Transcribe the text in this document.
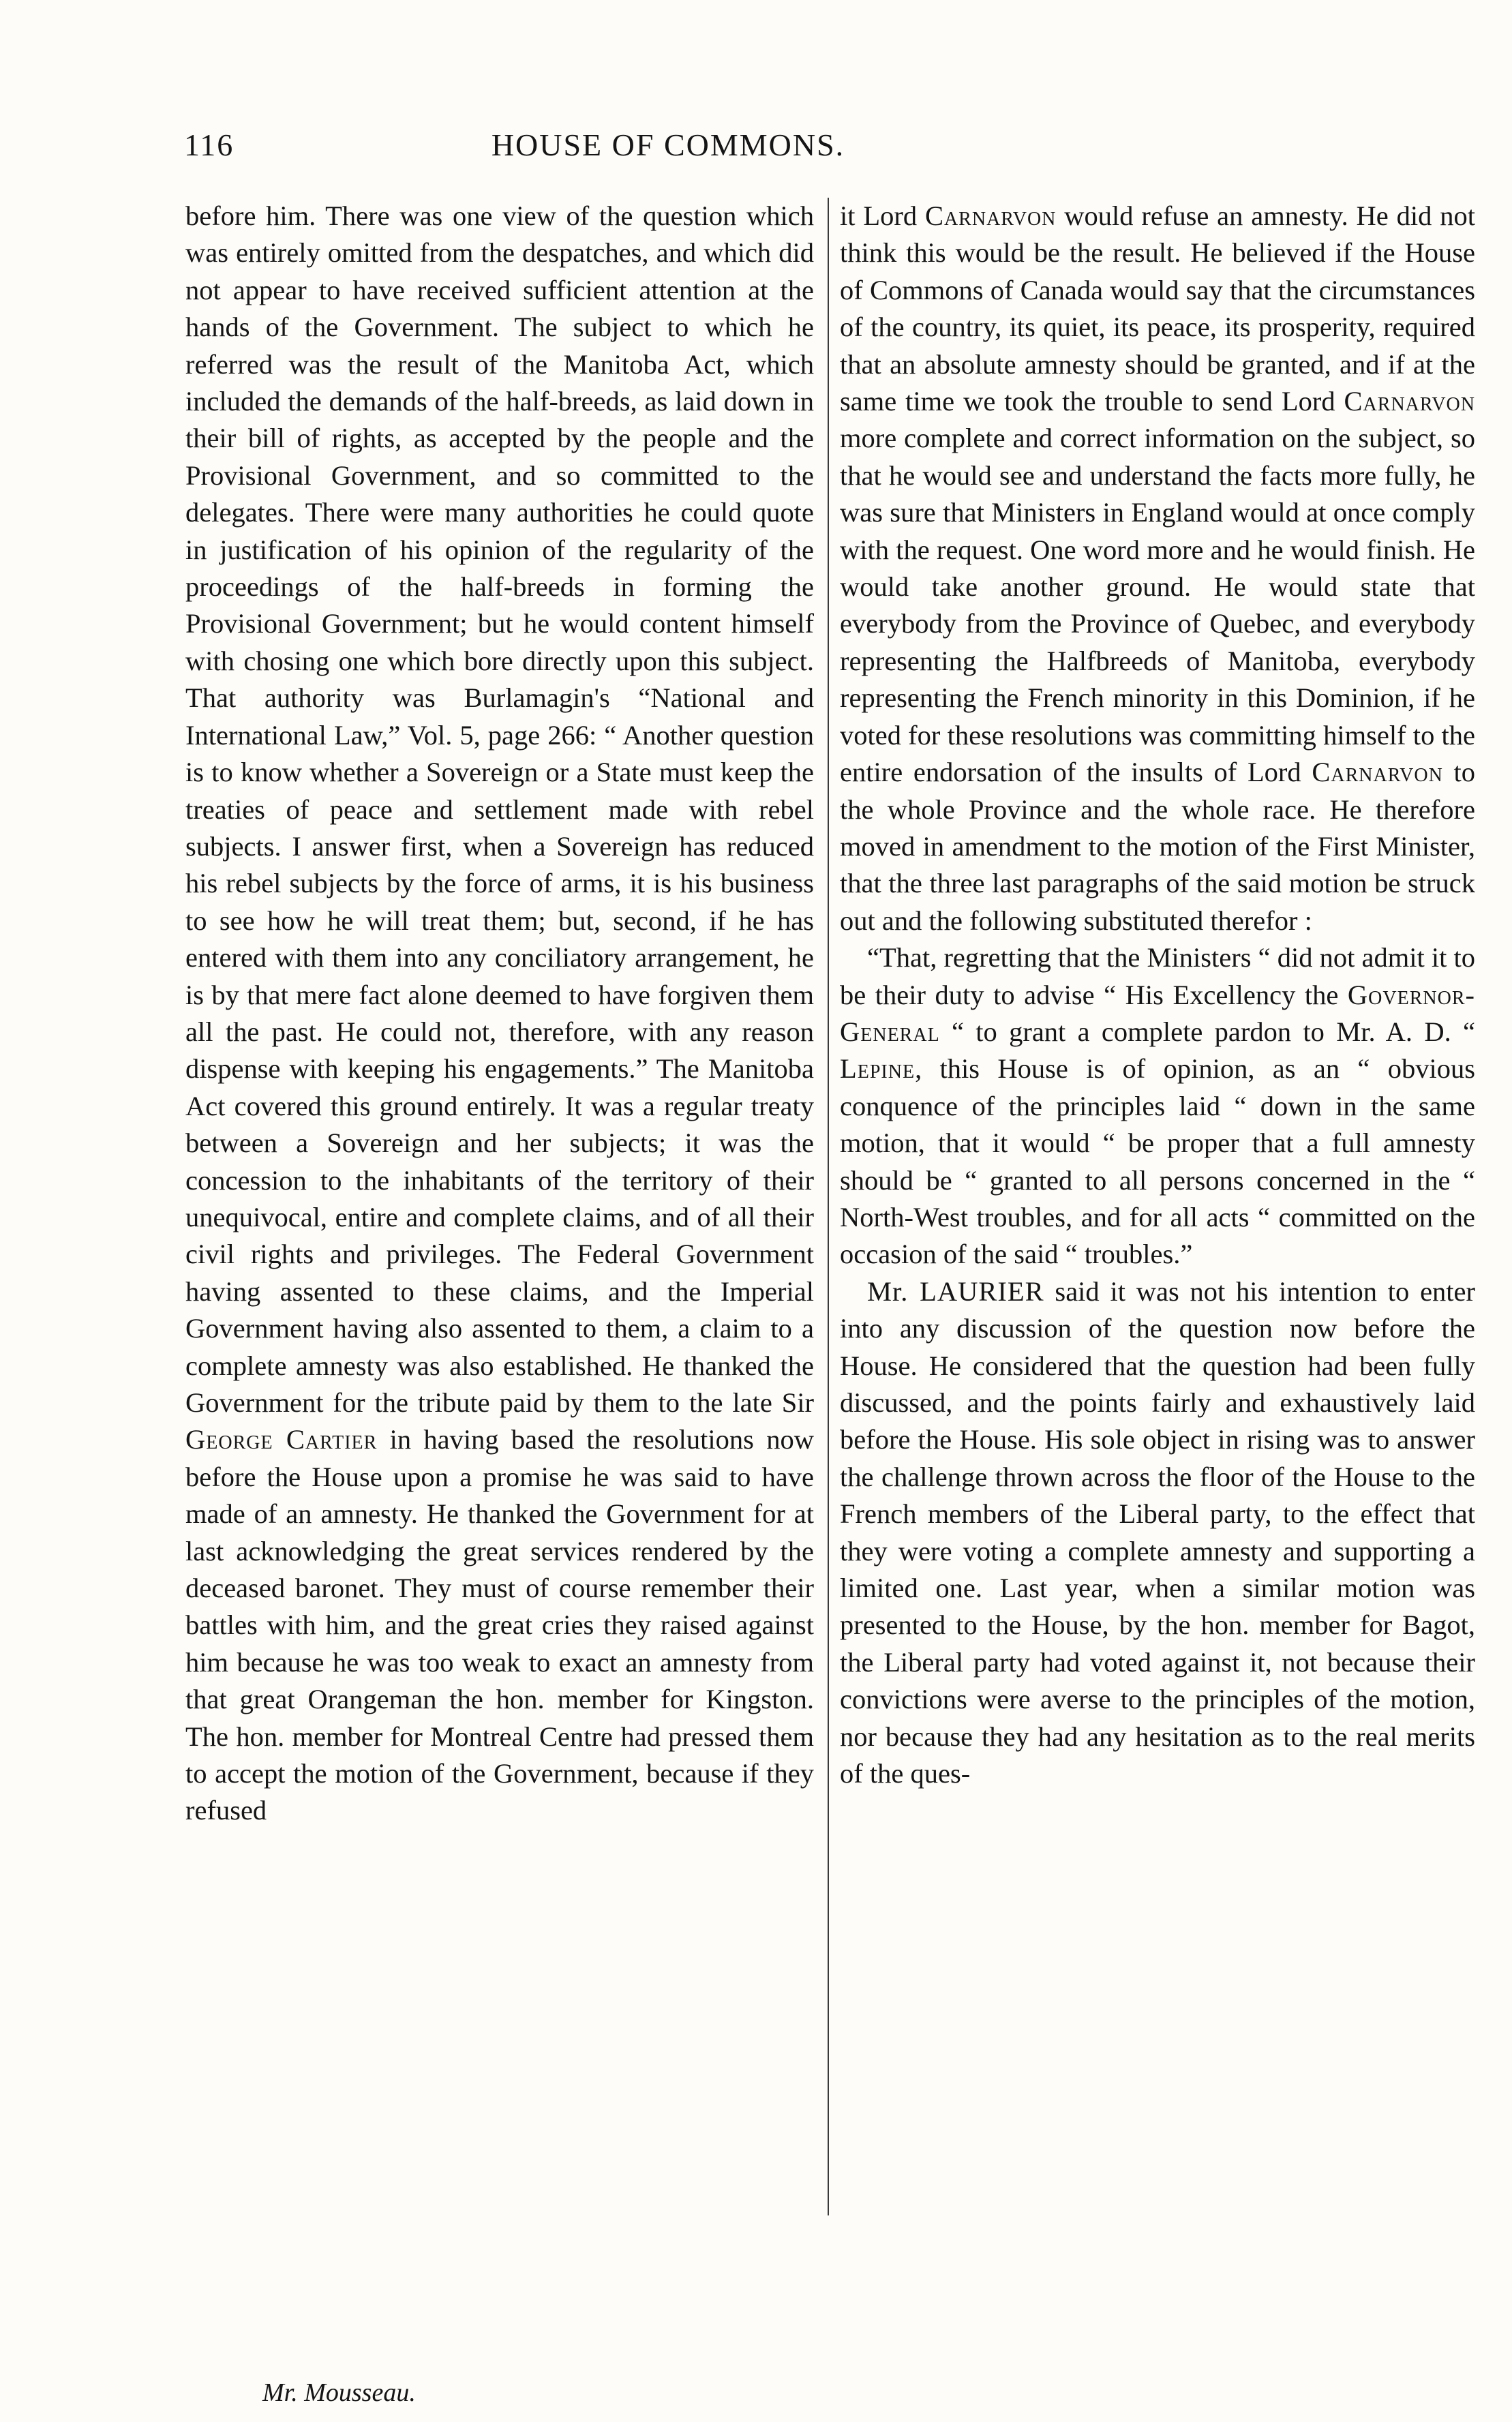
116	HOUSE OF COMMONS.

before him. There was one view of the question which was entirely omitted from the despatches, and which did not appear to have received sufficient attention at the hands of the Government. The subject to which he referred was the result of the Manitoba Act, which included the demands of the half-breeds, as laid down in their bill of rights, as accepted by the people and the Provisional Government, and so committed to the delegates. There were many authorities he could quote in justification of his opinion of the regularity of the proceedings of the half-breeds in forming the Provisional Government; but he would content himself with chosing one which bore directly upon this subject. That authority was Burlamagin's “National and International Law,” Vol. 5, page 266: “ Another question is to know whether a Sovereign or a State must keep the treaties of peace and settlement made with rebel subjects. I answer first, when a Sovereign has reduced his rebel subjects by the force of arms, it is his business to see how he will treat them; but, second, if he has entered with them into any conciliatory arrangement, he is by that mere fact alone deemed to have forgiven them all the past. He could not, therefore, with any reason dispense with keeping his engagements.” The Manitoba Act covered this ground entirely. It was a regular treaty between a Sovereign and her subjects; it was the concession to the inhabitants of the territory of their unequivocal, entire and complete claims, and of all their civil rights and privileges. The Federal Government having assented to these claims, and the Imperial Government having also assented to them, a claim to a complete amnesty was also established. He thanked the Government for the tribute paid by them to the late Sir George Cartier in having based the resolutions now before the House upon a promise he was said to have made of an amnesty. He thanked the Government for at last acknowledging the great services rendered by the deceased baronet. They must of course remember their battles with him, and the great cries they raised against him because he was too weak to exact an amnesty from that great Orangeman the hon. member for Kingston. The hon. member for Montreal Centre had pressed them to accept the motion of the Government, because if they refused

it Lord Carnarvon would refuse an amnesty. He did not think this would be the result. He believed if the House of Commons of Canada would say that the circumstances of the country, its quiet, its peace, its prosperity, required that an absolute amnesty should be granted, and if at the same time we took the trouble to send Lord Carnarvon more complete and correct information on the subject, so that he would see and understand the facts more fully, he was sure that Ministers in England would at once comply with the request. One word more and he would finish. He would take another ground. He would state that everybody from the Province of Quebec, and everybody representing the Halfbreeds of Manitoba, everybody representing the French minority in this Dominion, if he voted for these resolutions was committing himself to the entire endorsation of the insults of Lord Carnarvon to the whole Province and the whole race. He therefore moved in amendment to the motion of the First Minister, that the three last paragraphs of the said motion be struck out and the following substituted therefor :

“That, regretting that the Ministers “ did not admit it to be their duty to advise “ His Excellency the Governor-General “ to grant a complete pardon to Mr. A. D. “ Lepine, this House is of opinion, as an “ obvious conquence of the principles laid “ down in the same motion, that it would “ be proper that a full amnesty should be “ granted to all persons concerned in the “ North-West troubles, and for all acts “ committed on the occasion of the said “ troubles.”

Mr. LAURIER said it was not his intention to enter into any discussion of the question now before the House. He considered that the question had been fully discussed, and the points fairly and exhaustively laid before the House. His sole object in rising was to answer the challenge thrown across the floor of the House to the French members of the Liberal party, to the effect that they were voting a complete amnesty and supporting a limited one. Last year, when a similar motion was presented to the House, by the hon. member for Bagot, the Liberal party had voted against it, not because their convictions were averse to the principles of the motion, nor because they had any hesitation as to the real merits of the ques-

Mr. Mousseau.
